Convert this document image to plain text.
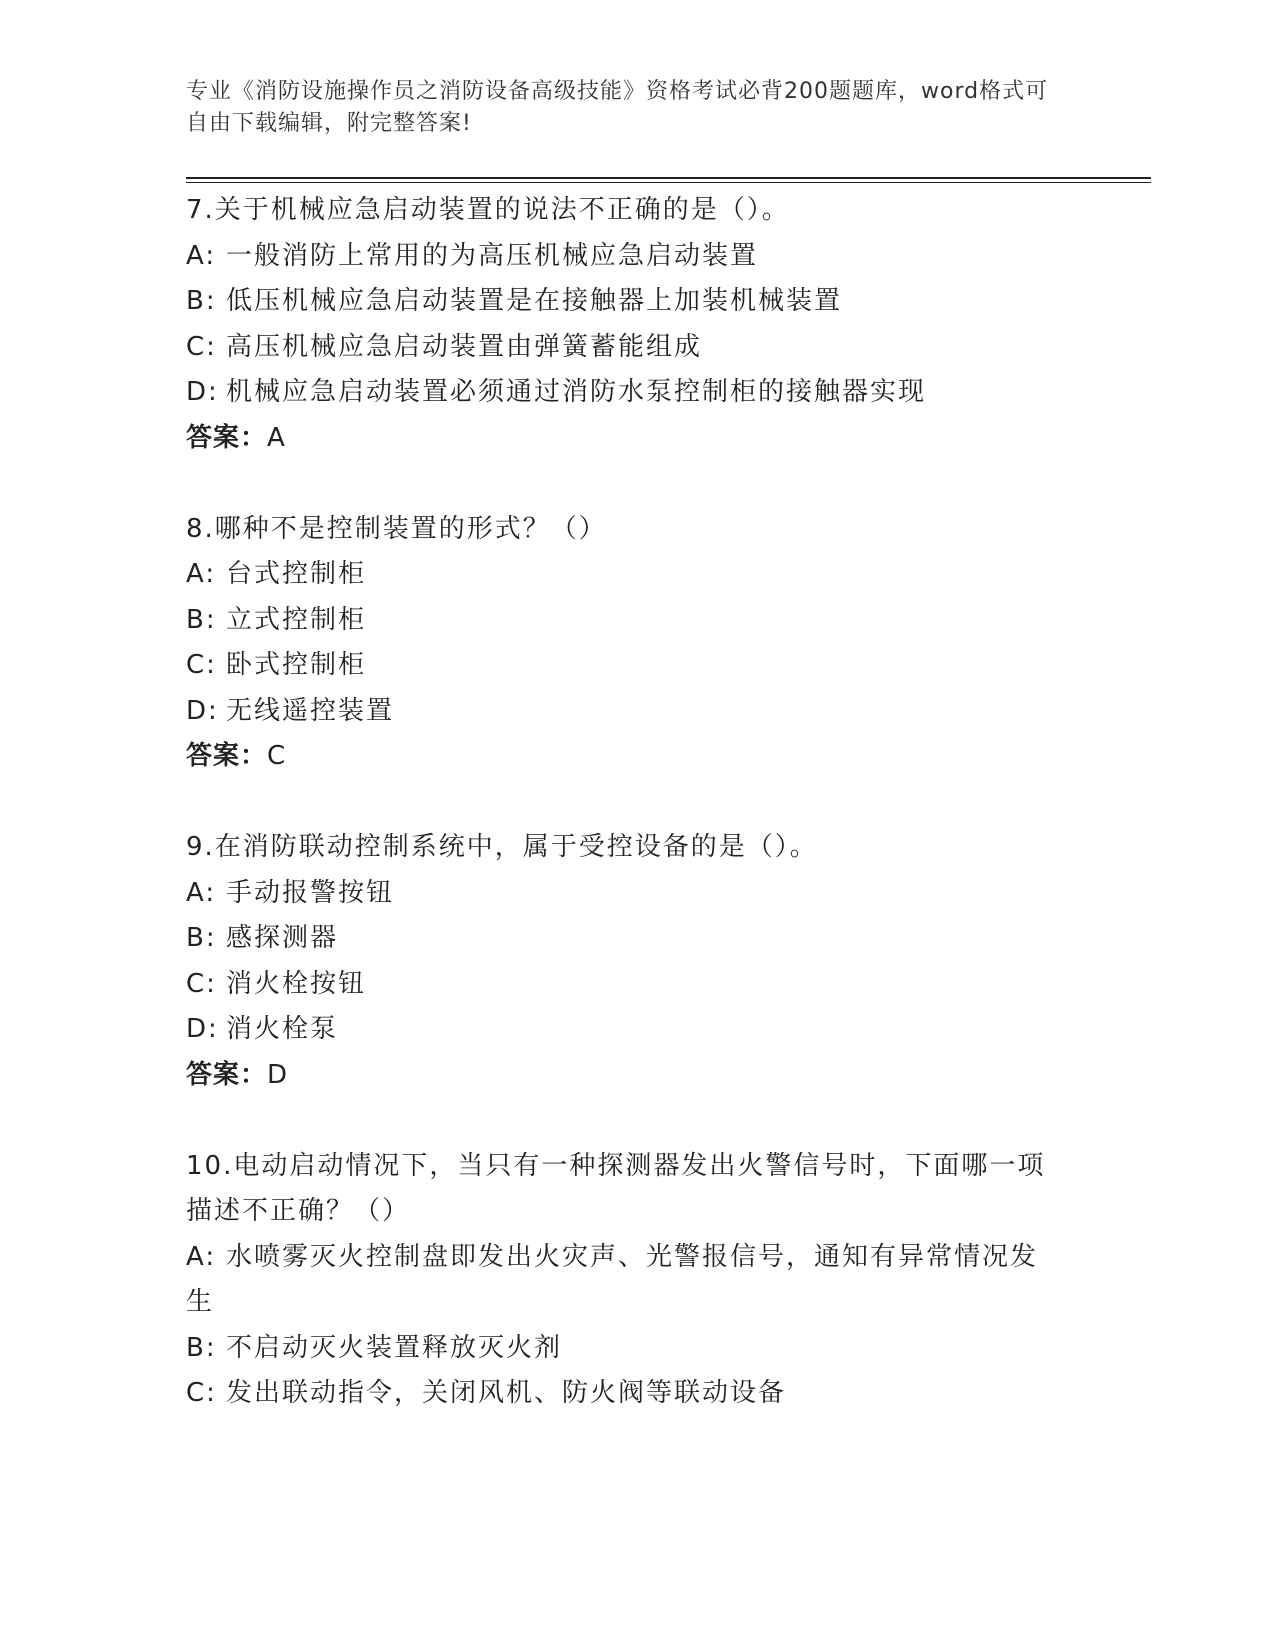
专业《消防设施操作员之消防设备高级技能》资格考试必背200题题库，word格式可自由下载编辑，附完整答案!
7.关于机械应急启动装置的说法不正确的是（）。
A: 一般消防上常用的为高压机械应急启动装置
B: 低压机械应急启动装置是在接触器上加装机械装置
C: 高压机械应急启动装置由弹簧蓄能组成
D: 机械应急启动装置必须通过消防水泵控制柜的接触器实现
答案：A
8.哪种不是控制装置的形式？（）
A: 台式控制柜
B: 立式控制柜
C: 卧式控制柜
D: 无线遥控装置
答案：C
9.在消防联动控制系统中，属于受控设备的是（）。
A: 手动报警按钮
B: 感探测器
C: 消火栓按钮
D: 消火栓泵
答案：D
10.电动启动情况下，当只有一种探测器发出火警信号时，下面哪一项
描述不正确？（）
A: 水喷雾灭火控制盘即发出火灾声、光警报信号，通知有异常情况发
生
B: 不启动灭火装置释放灭火剂
C: 发出联动指令，关闭风机、防火阀等联动设备
